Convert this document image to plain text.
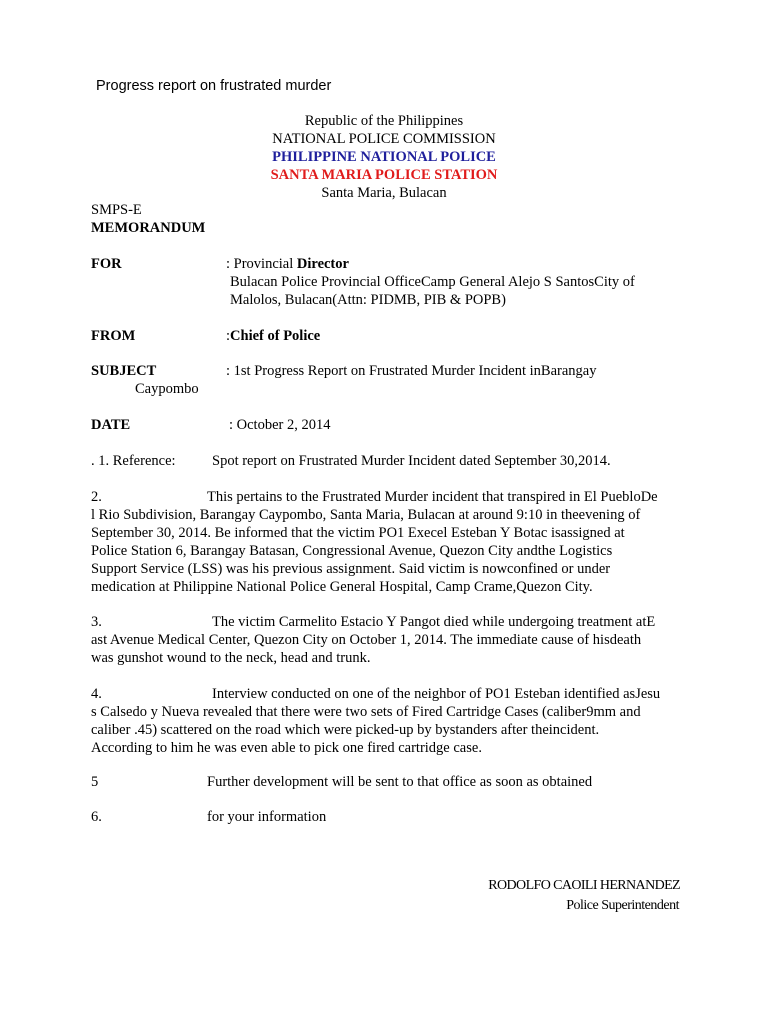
Progress report on frustrated murder
Republic of the Philippines
NATIONAL POLICE COMMISSION
PHILIPPINE NATIONAL POLICE
SANTA MARIA POLICE STATION
Santa Maria, Bulacan
SMPS-E
MEMORANDUM
FOR	: Provincial Director
Bulacan Police Provincial OfficeCamp General Alejo S SantosCity of
Malolos, Bulacan(Attn: PIDMB, PIB & POPB)
FROM	:Chief of Police
SUBJECT	: 1st Progress Report on Frustrated Murder Incident inBarangay
Caypombo
DATE	: October 2, 2014
. 1. Reference:	Spot report on Frustrated Murder Incident dated September 30,2014.
2.	This pertains to the Frustrated Murder incident that transpired in El PuebloDe
l Rio Subdivision, Barangay Caypombo, Santa Maria, Bulacan at around 9:10 in theevening of
September 30, 2014. Be informed that the victim PO1 Execel Esteban Y Botac isassigned at
Police Station 6, Barangay Batasan, Congressional Avenue, Quezon City andthe Logistics
Support Service (LSS) was his previous assignment. Said victim is nowconfined or under
medication at Philippine National Police General Hospital, Camp Crame,Quezon City.
3.	The victim Carmelito Estacio Y Pangot died while undergoing treatment atE
ast Avenue Medical Center, Quezon City on October 1, 2014. The immediate cause of hisdeath
was gunshot wound to the neck, head and trunk.
4.	Interview conducted on one of the neighbor of PO1 Esteban identified asJesu
s Calsedo y Nueva revealed that there were two sets of Fired Cartridge Cases (caliber9mm and
caliber .45) scattered on the road which were picked-up by bystanders after theincident.
According to him he was even able to pick one fired cartridge case.
5	Further development will be sent to that office as soon as obtained
6.	for your information
RODOLFO CAOILI HERNANDEZ
Police Superintendent
